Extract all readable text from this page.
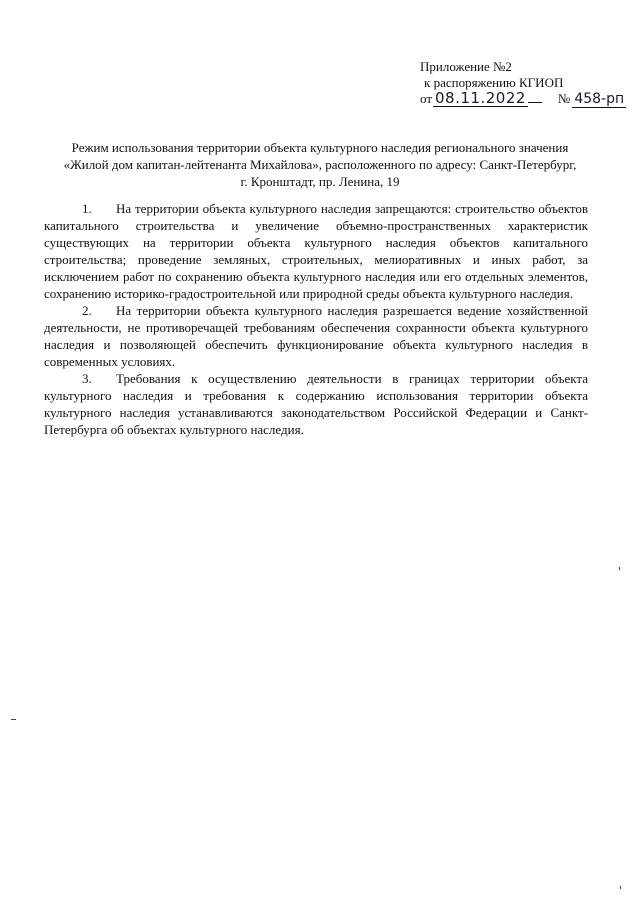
Приложение №2
к распоряжению КГИОП
от 08.11.2022 № 458-рп
Режим использования территории объекта культурного наследия регионального значения
«Жилой дом капитан-лейтенанта Михайлова», расположенного по адресу: Санкт-Петербург,
г. Кронштадт, пр. Ленина, 19

1. На территории объекта культурного наследия запрещаются: строительство объектов капитального строительства и увеличение объемно-пространственных характеристик существующих на территории объекта культурного наследия объектов капитального строительства; проведение земляных, строительных, мелиоративных и иных работ, за исключением работ по сохранению объекта культурного наследия или его отдельных элементов, сохранению историко-градостроительной или природной среды объекта культурного наследия.

2. На территории объекта культурного наследия разрешается ведение хозяйственной деятельности, не противоречащей требованиям обеспечения сохранности объекта культурного наследия и позволяющей обеспечить функционирование объекта культурного наследия в современных условиях.

3. Требования к осуществлению деятельности в границах территории объекта культурного наследия и требования к содержанию использования территории объекта культурного наследия устанавливаются законодательством Российской Федерации и Санкт-Петербурга об объектах культурного наследия.
